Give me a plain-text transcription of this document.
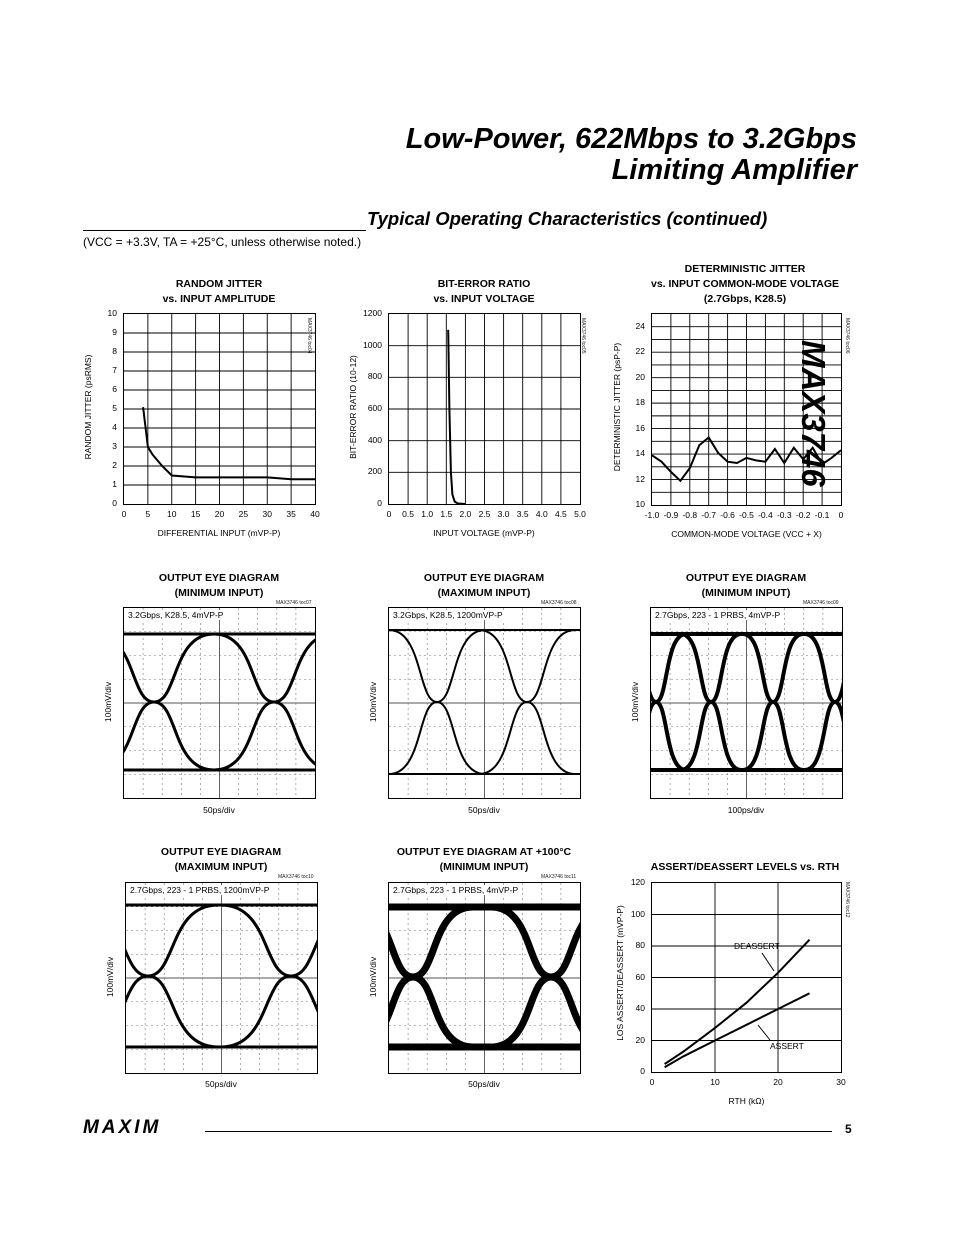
Low-Power, 622Mbps to 3.2Gbps
Limiting Amplifier
Typical Operating Characteristics (continued)
(VCC = +3.3V, TA = +25°C, unless otherwise noted.)
MAX3746
RANDOM JITTER
vs. INPUT AMPLITUDE
MAX3746 toc04
0
1
2
3
4
5
6
7
8
9
10
0	5	10	15	20	25	30	35	40
RANDOM JITTER (psRMS)
DIFFERENTIAL INPUT (mVP-P)
BIT-ERROR RATIO
vs. INPUT VOLTAGE
MAX3746 toc05
0
200
400
600
800
1000
1200
0	0.5 1.0 1.5 2.0 2.5 3.0 3.5 4.0 4.5 5.0
BIT-ERROR RATIO (10-12)
INPUT VOLTAGE (mVP-P)
DETERMINISTIC JITTER
vs. INPUT COMMON-MODE VOLTAGE
(2.7Gbps, K28.5)
MAX3746 toc06
10
12
14
16
18
20
22
24
-1.0 -0.9 -0.8 -0.7 -0.6 -0.5 -0.4 -0.3 -0.2 -0.1	0
DETERMINISTIC JITTER (psP-P)
COMMON-MODE VOLTAGE (VCC + X)
OUTPUT EYE DIAGRAM
(MINIMUM INPUT)
MAX3746 toc07
3.2Gbps, K28.5, 4mVP-P
100mV/div
50ps/div
OUTPUT EYE DIAGRAM
(MAXIMUM INPUT)
MAX3746 toc08
3.2Gbps, K28.5, 1200mVP-P
100mV/div
50ps/div
OUTPUT EYE DIAGRAM
(MINIMUM INPUT)
MAX3746 toc09
2.7Gbps, 223 - 1 PRBS, 4mVP-P
100mV/div
100ps/div
OUTPUT EYE DIAGRAM
(MAXIMUM INPUT)
MAX3746 toc10
2.7Gbps, 223 - 1 PRBS, 1200mVP-P
100mV/div
50ps/div
OUTPUT EYE DIAGRAM AT +100°C
(MINIMUM INPUT)
MAX3746 toc11
2.7Gbps, 223 - 1 PRBS, 4mVP-P
100mV/div
50ps/div
ASSERT/DEASSERT LEVELS vs. RTH
DEASSERT
ASSERT
MAX3746 toc12
0
20
40
60
80
100
120
0	10	20	30
LOS ASSERT/DEASSERT (mVP-P)
RTH (kΩ)
MAXIM	5
